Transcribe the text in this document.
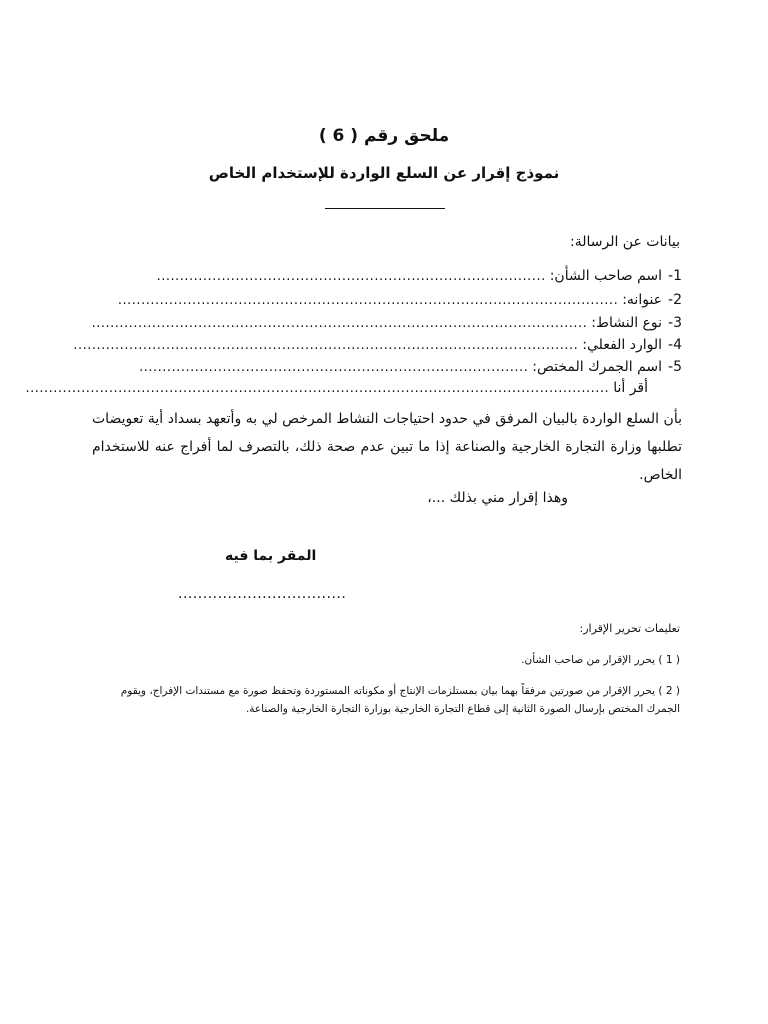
ملحق رقم ( 6 )
نموذج إقرار عن السلع الواردة للإستخدام الخاص
بيانات عن الرسالة:
-1
اسم صاحب الشأن:
....................................................................................
-2
عنوانه:
............................................................................................................
-3
نوع النشاط:
...........................................................................................................
-4
الوارد الفعلي:
.............................................................................................................
-5
اسم الجمرك المختص:
....................................................................................
أقر أنا
..............................................................................................................................
بأن السلع الواردة بالبيان المرفق في حدود احتياجات النشاط المرخص لي به وأتعهد بسداد أية تعويضات تطلبها وزارة التجارة الخارجية والصناعة إذا ما تبين عدم صحة ذلك، بالتصرف لما أفراج عنه للاستخدام الخاص.
وهذا إقرار مني بذلك ...،
المقر بما فيه
..................................
تعليمات تحرير الإقرار:
( 1 ) يحرر الإقرار من صاحب الشأن.
( 2 ) يحرر الإقرار من صورتين مرفقاً بهما بيان بمستلزمات الإنتاج أو مكوناته المستوردة وتحفظ صورة مع مستندات الإفراج، ويقوم الجمرك المختص بإرسال الصورة الثانية إلى قطاع التجارة الخارجية بوزارة التجارة الخارجية والصناعة.
